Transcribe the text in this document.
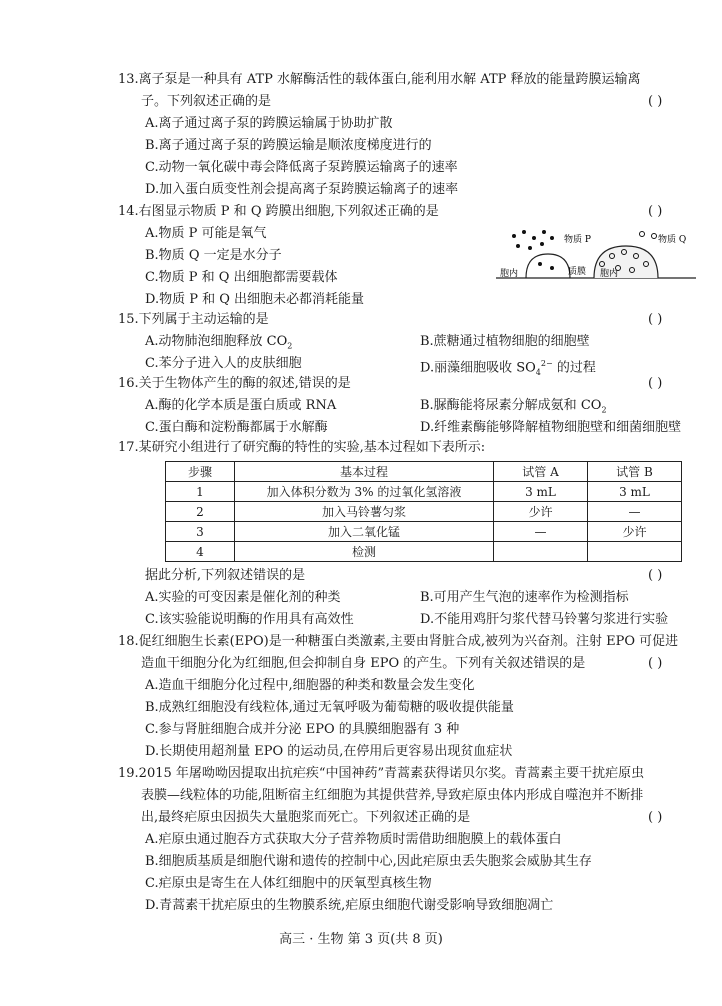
13.离子泵是一种具有 ATP 水解酶活性的载体蛋白,能利用水解 ATP 释放的能量跨膜运输离
子。下列叙述正确的是	( )
A.离子通过离子泵的跨膜运输属于协助扩散
B.离子通过离子泵的跨膜运输是顺浓度梯度进行的
C.动物一氧化碳中毒会降低离子泵跨膜运输离子的速率
D.加入蛋白质变性剂会提高离子泵跨膜运输离子的速率
14.右图显示物质 P 和 Q 跨膜出细胞,下列叙述正确的是	( )
A.物质 P 可能是氧气
B.物质 Q 一定是水分子
C.物质 P 和 Q 出细胞都需要载体
D.物质 P 和 Q 出细胞未必都消耗能量
胞内	质膜 胞内
物质 P	物质 Q
15.下列属于主动运输的是	( )
A.动物肺泡细胞释放 $CO_2$	B.蔗糖通过植物细胞的细胞壁
C.苯分子进入人的皮肤细胞	D.丽藻细胞吸收 $SO_4^{2-}$ 的过程
16.关于生物体产生的酶的叙述,错误的是	( )
A.酶的化学本质是蛋白质或 RNA	B.脲酶能将尿素分解成氨和 $CO_2$
C.蛋白酶和淀粉酶都属于水解酶	D.纤维素酶能够降解植物细胞壁和细菌细胞壁
17.某研究小组进行了研究酶的特性的实验,基本过程如下表所示:
步骤	基本过程	试管 A	试管 B
1	加入体积分数为 3% 的过氧化氢溶液	3 mL	3 mL
2	加入马铃薯匀浆	少许	—
3	加入二氧化锰	—	少许
4	检测		
据此分析,下列叙述错误的是	( )
A.实验的可变因素是催化剂的种类	B.可用产生气泡的速率作为检测指标
C.该实验能说明酶的作用具有高效性	D.不能用鸡肝匀浆代替马铃薯匀浆进行实验
18.促红细胞生长素(EPO)是一种糖蛋白类激素,主要由肾脏合成,被列为兴奋剂。注射 EPO 可促进
造血干细胞分化为红细胞,但会抑制自身 EPO 的产生。下列有关叙述错误的是	( )
A.造血干细胞分化过程中,细胞器的种类和数量会发生变化
B.成熟红细胞没有线粒体,通过无氧呼吸为葡萄糖的吸收提供能量
C.参与肾脏细胞合成并分泌 EPO 的具膜细胞器有 3 种
D.长期使用超剂量 EPO 的运动员,在停用后更容易出现贫血症状
19.2015 年屠呦呦因提取出抗疟疾“中国神药”青蒿素获得诺贝尔奖。青蒿素主要干扰疟原虫
表膜—线粒体的功能,阻断宿主红细胞为其提供营养,导致疟原虫体内形成自噬泡并不断排
出,最终疟原虫因损失大量胞浆而死亡。下列叙述正确的是	( )
A.疟原虫通过胞吞方式获取大分子营养物质时需借助细胞膜上的载体蛋白
B.细胞质基质是细胞代谢和遗传的控制中心,因此疟原虫丢失胞浆会威胁其生存
C.疟原虫是寄生在人体红细胞中的厌氧型真核生物
D.青蒿素干扰疟原虫的生物膜系统,疟原虫细胞代谢受影响导致细胞凋亡
高三 · 生物 第 3 页(共 8 页)
